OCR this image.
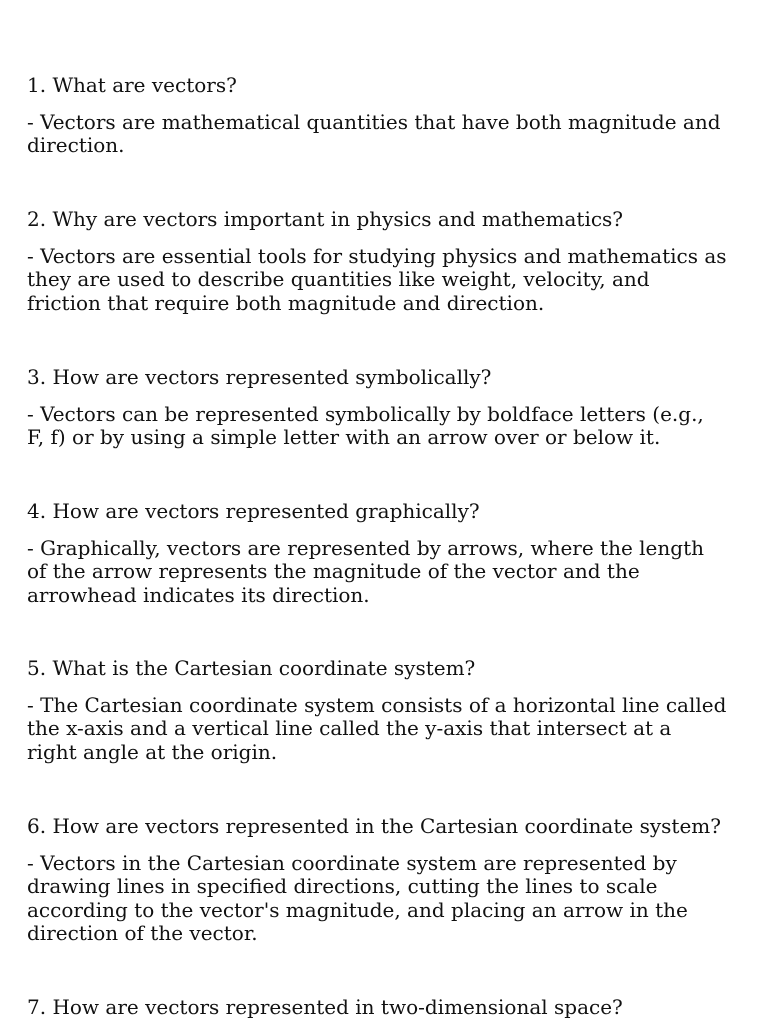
1. What are vectors?

- Vectors are mathematical quantities that have both magnitude and direction.

2. Why are vectors important in physics and mathematics?

- Vectors are essential tools for studying physics and mathematics as they are used to describe quantities like weight, velocity, and friction that require both magnitude and direction.

3. How are vectors represented symbolically?

- Vectors can be represented symbolically by boldface letters (e.g., F, f) or by using a simple letter with an arrow over or below it.

4. How are vectors represented graphically?

- Graphically, vectors are represented by arrows, where the length of the arrow represents the magnitude of the vector and the arrowhead indicates its direction.

5. What is the Cartesian coordinate system?

- The Cartesian coordinate system consists of a horizontal line called the x-axis and a vertical line called the y-axis that intersect at a right angle at the origin.

6. How are vectors represented in the Cartesian coordinate system?

- Vectors in the Cartesian coordinate system are represented by drawing lines in specified directions, cutting the lines to scale according to the vector's magnitude, and placing an arrow in the direction of the vector.

7. How are vectors represented in two-dimensional space?
